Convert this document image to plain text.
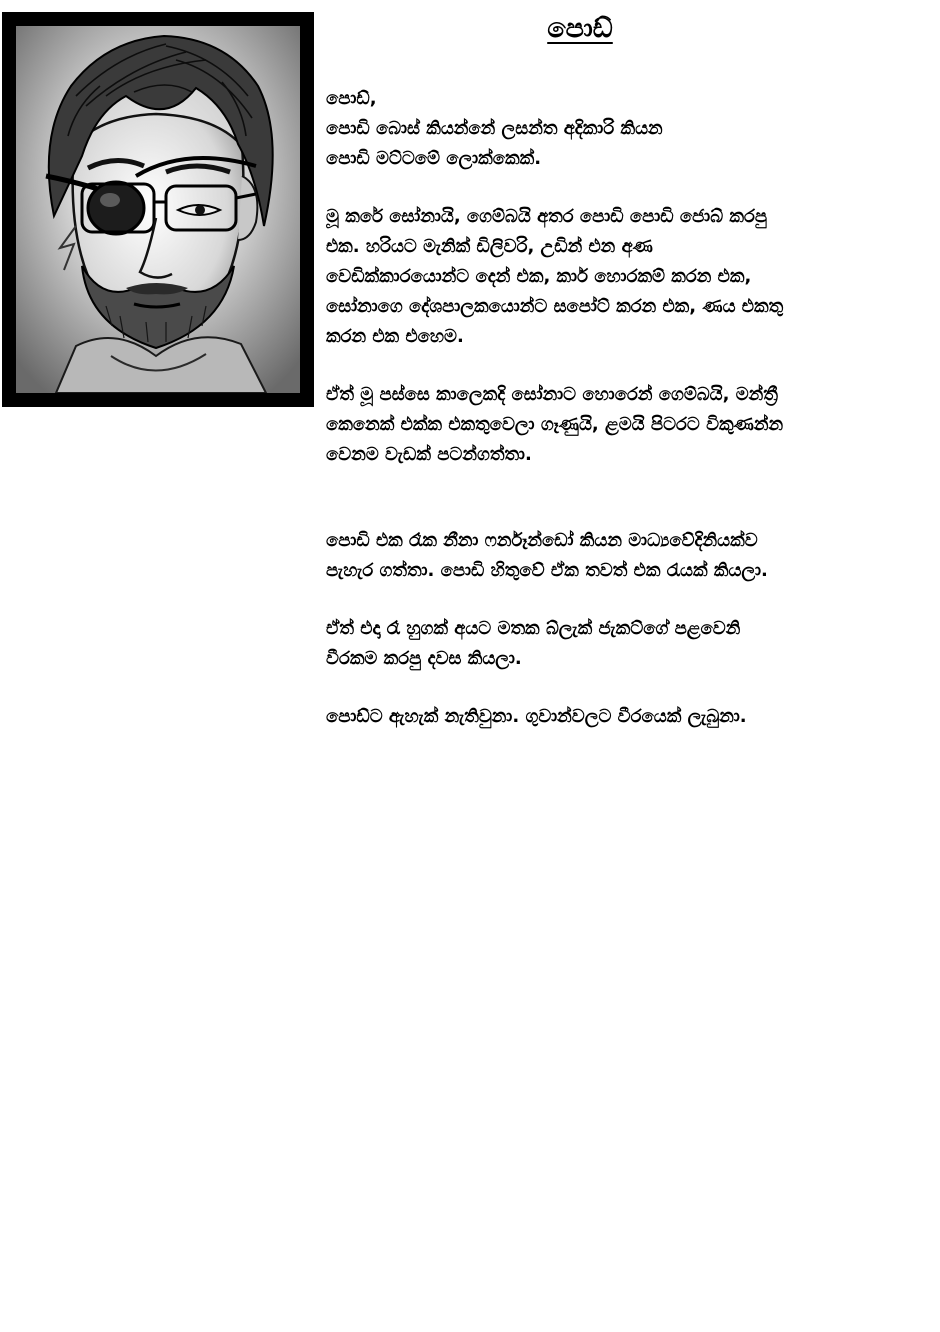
පොඩ්

පොඩ්,
පොඩි බොස් කියන්නේ ලසන්ත අදිකාරි කියන
පොඩි මට්ටමේ ලොක්කෙක්.

මූ කරේ සෝනායි, ගෙම්බයි අතර පොඩි පොඩි ජොබ් කරපු
එක. හරියට මැනික් ඩිලිවරි, උඩින් එන අණ
වෙඩික්කාරයොන්ට දෙන් එක, කාර් හොරකම් කරන එක,
සෝනාගෙ දේශපාලකයොන්ට සපෝට් කරන එක, ණය එකතු
කරන එක එහෙම.

ඒත් මූ පස්සෙ කාලෙකදි සෝනාට හොරෙන් ගෙම්බයි, මන්ත්‍රී
කෙනෙක් එක්ක එකතුවෙලා ගෑණුයි, ළමයි පිටරට විකුණන්න
වෙනම වැඩක් පටන්ගත්තා.

පොඩි එක රෑක නීනා ෆර්නෑන්ඩෝ කියන මාධ්‍යවේදිනියක්ව
පැහැර ගත්තා. පොඩි හිතුවේ ඒක තවත් එක රැයක් කියලා.

ඒත් එදා රෑ හුගක් අයට මතක බ්ලැක් ජැකට්ගේ පළවෙනි
වීරකම කරපු දවස කියලා.

පොඩ්ට ඇහැක් නැතිවුනා. ගුවාන්වලට වීරයෙක් ලැබුනා.
